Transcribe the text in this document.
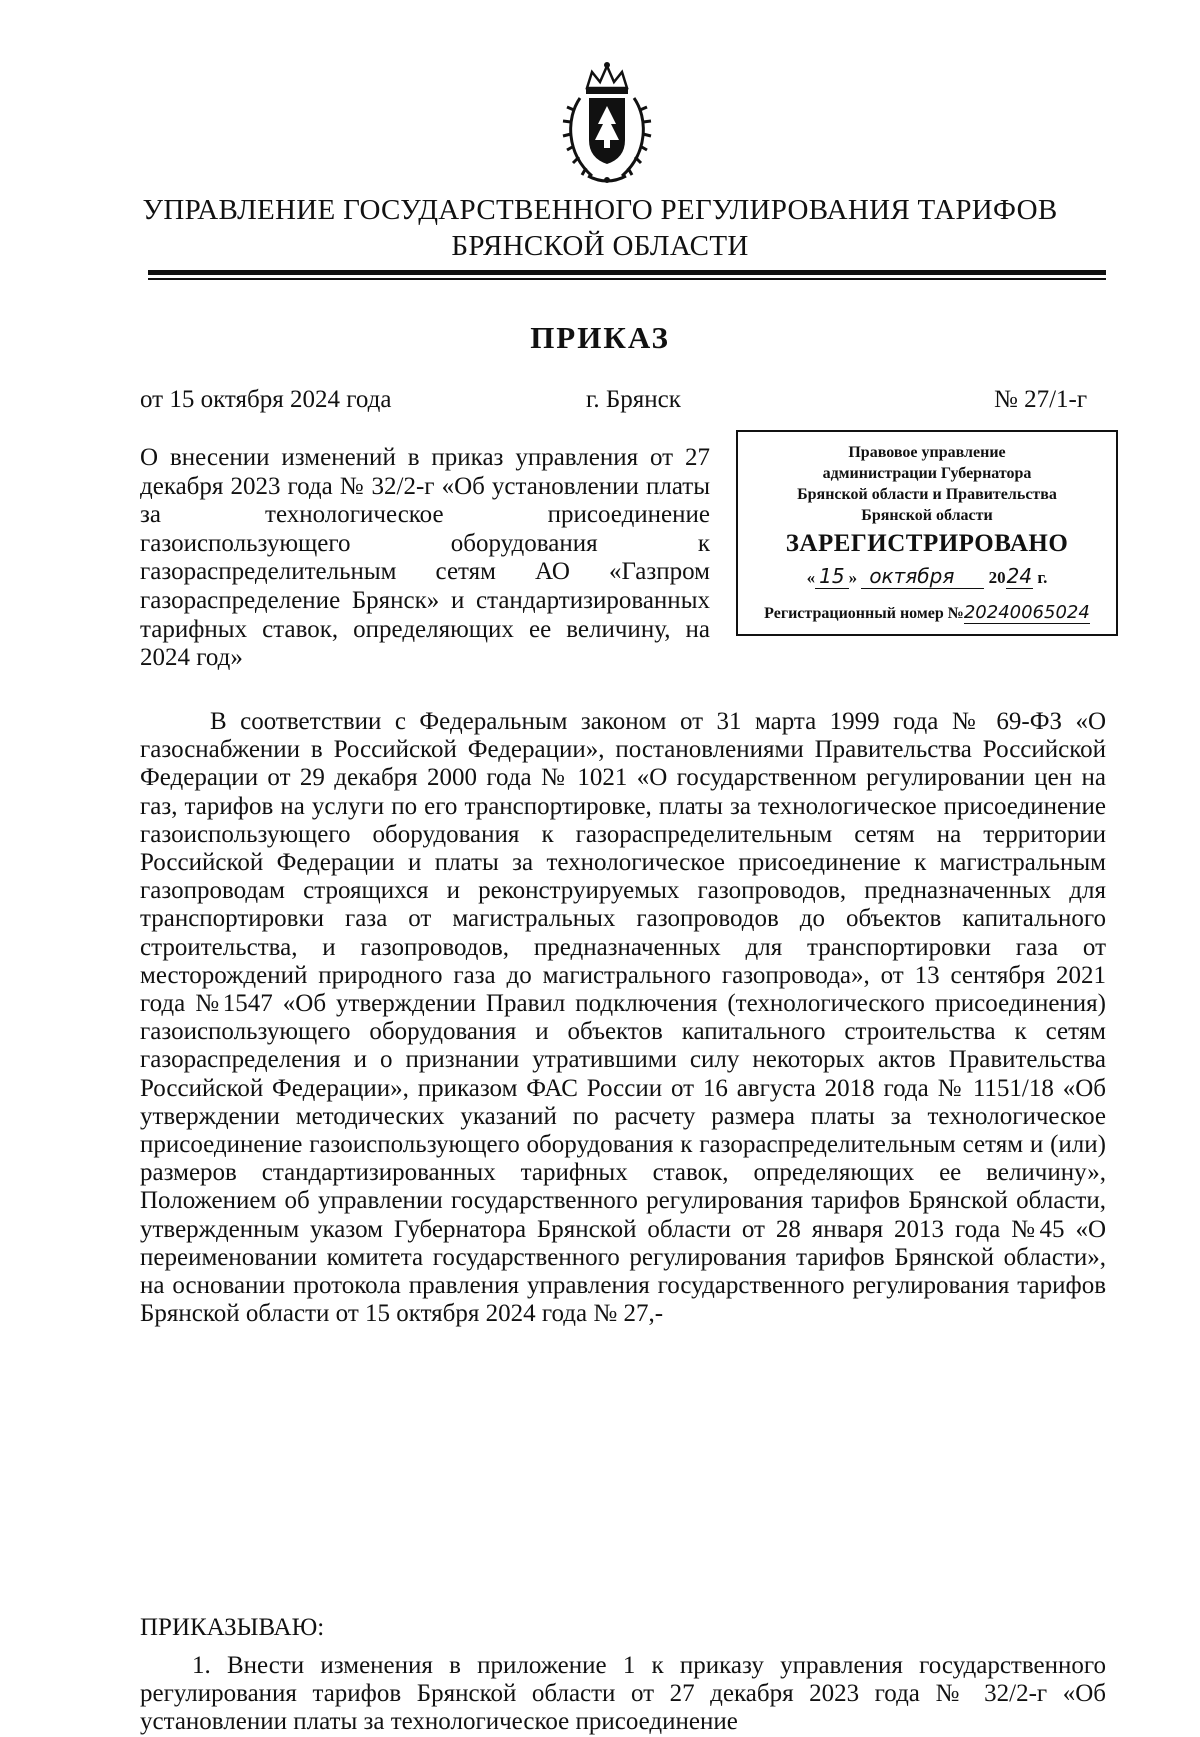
УПРАВЛЕНИЕ ГОСУДАРСТВЕННОГО РЕГУЛИРОВАНИЯ ТАРИФОВ
БРЯНСКОЙ ОБЛАСТИ
ПРИКАЗ
от 15 октября 2024 года	г. Брянск	№ 27/1-г
О внесении изменений в приказ управления от 27 декабря 2023 года № 32/2-г «Об установлении платы за технологическое присоединение газоиспользующего оборудования к газораспределительным сетям АО «Газпром газораспределение Брянск» и стандартизированных тарифных ставок, определяющих ее величину, на 2024 год»
Правовое управление
администрации Губернатора
Брянской области и Правительства
Брянской области
ЗАРЕГИСТРИРОВАНО
« 15 » октября 2024 г.
Регистрационный номер №20240065024
В соответствии с Федеральным законом от 31 марта 1999 года № 69-ФЗ «О газоснабжении в Российской Федерации», постановлениями Правительства Российской Федерации от 29 декабря 2000 года № 1021 «О государственном регулировании цен на газ, тарифов на услуги по его транспортировке, платы за технологическое присоединение газоиспользующего оборудования к газораспределительным сетям на территории Российской Федерации и платы за технологическое присоединение к магистральным газопроводам строящихся и реконструируемых газопроводов, предназначенных для транспортировки газа от магистральных газопроводов до объектов капитального строительства, и газопроводов, предназначенных для транспортировки газа от месторождений природного газа до магистрального газопровода», от 13 сентября 2021 года №1547 «Об утверждении Правил подключения (технологического присоединения) газоиспользующего оборудования и объектов капитального строительства к сетям газораспределения и о признании утратившими силу некоторых актов Правительства Российской Федерации», приказом ФАС России от 16 августа 2018 года № 1151/18 «Об утверждении методических указаний по расчету размера платы за технологическое присоединение газоиспользующего оборудования к газораспределительным сетям и (или) размеров стандартизированных тарифных ставок, определяющих ее величину», Положением об управлении государственного регулирования тарифов Брянской области, утвержденным указом Губернатора Брянской области от 28 января 2013 года №45 «О переименовании комитета государственного регулирования тарифов Брянской области», на основании протокола правления управления государственного регулирования тарифов Брянской области от 15 октября 2024 года № 27,-
ПРИКАЗЫВАЮ:
1. Внести изменения в приложение 1 к приказу управления государственного регулирования тарифов Брянской области от 27 декабря 2023 года № 32/2-г «Об установлении платы за технологическое присоединение
